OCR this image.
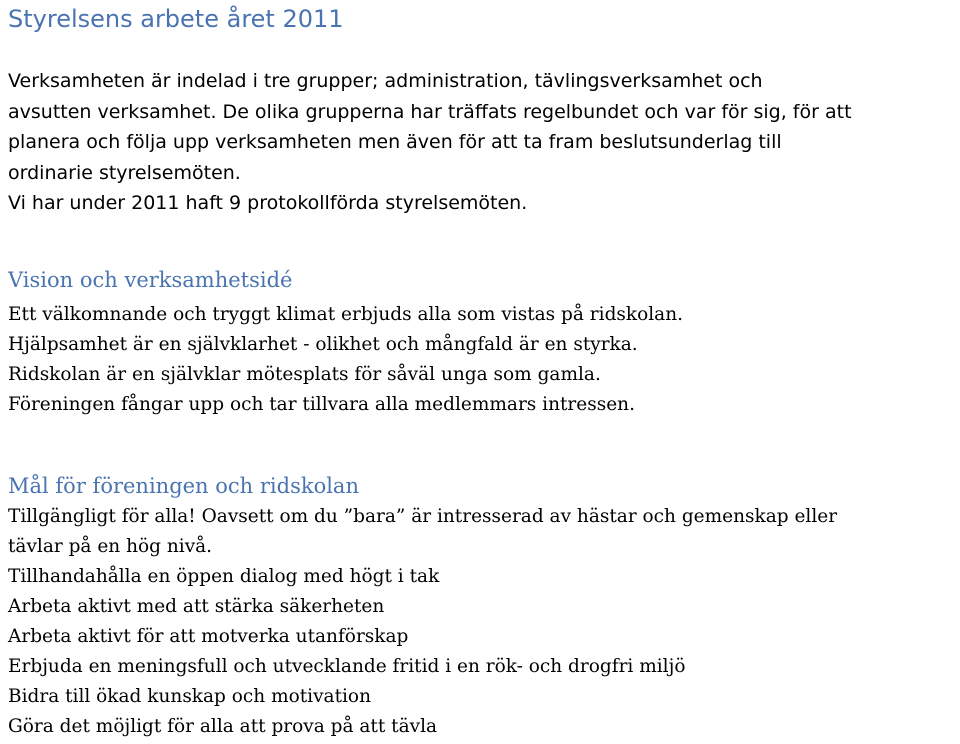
Styrelsens arbete året 2011

Verksamheten är indelad i tre grupper; administration, tävlingsverksamhet och
avsutten verksamhet. De olika grupperna har träffats regelbundet och var för sig, för att
planera och följa upp verksamheten men även för att ta fram beslutsunderlag till
ordinarie styrelsemöten.
Vi har under 2011 haft 9 protokollförda styrelsemöten.

Vision och verksamhetsidé
Ett välkomnande och tryggt klimat erbjuds alla som vistas på ridskolan.
Hjälpsamhet är en självklarhet - olikhet och mångfald är en styrka.
Ridskolan är en självklar mötesplats för såväl unga som gamla.
Föreningen fångar upp och tar tillvara alla medlemmars intressen.
Mål för föreningen och ridskolan
Tillgängligt för alla! Oavsett om du ”bara” är intresserad av hästar och gemenskap eller
tävlar på en hög nivå.
Tillhandahålla en öppen dialog med högt i tak
Arbeta aktivt med att stärka säkerheten
Arbeta aktivt för att motverka utanförskap
Erbjuda en meningsfull och utvecklande fritid i en rök- och drogfri miljö
Bidra till ökad kunskap och motivation
Göra det möjligt för alla att prova på att tävla
